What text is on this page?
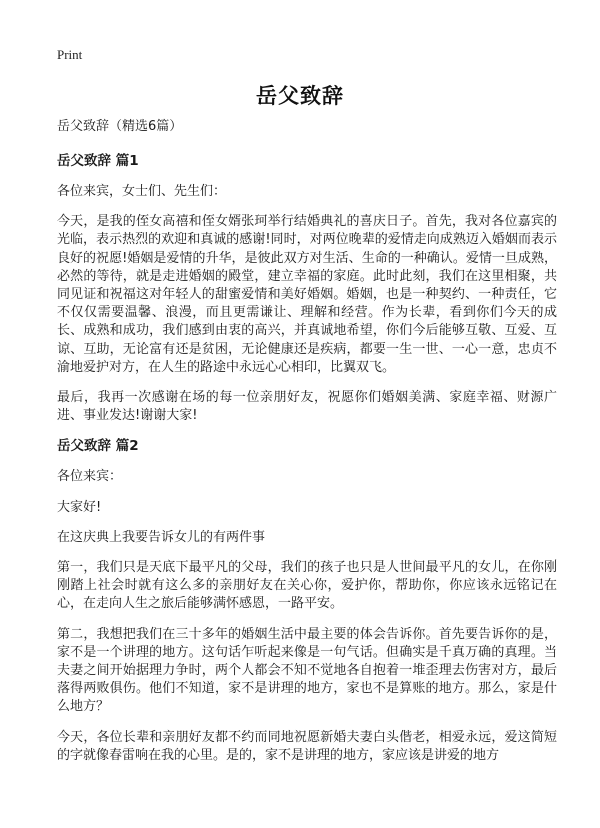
Print
岳父致辞

岳父致辞（精选6篇）

岳父致辞 篇1

各位来宾，女士们、先生们：

今天，是我的侄女高禧和侄女婿张珂举行结婚典礼的喜庆日子。首先，我对各位嘉宾的光临，表示热烈的欢迎和真诚的感谢!同时，对两位晚辈的爱情走向成熟迈入婚姻而表示良好的祝愿!婚姻是爱情的升华，是彼此双方对生活、生命的一种确认。爱情一旦成熟，必然的等待，就是走进婚姻的殿堂，建立幸福的家庭。此时此刻，我们在这里相聚，共同见证和祝福这对年轻人的甜蜜爱情和美好婚姻。婚姻，也是一种契约、一种责任，它不仅仅需要温馨、浪漫，而且更需谦让、理解和经营。作为长辈，看到你们今天的成长、成熟和成功，我们感到由衷的高兴，并真诚地希望，你们今后能够互敬、互爱、互谅、互助，无论富有还是贫困，无论健康还是疾病，都要一生一世、一心一意，忠贞不渝地爱护对方，在人生的路途中永远心心相印，比翼双飞。

最后，我再一次感谢在场的每一位亲朋好友，祝愿你们婚姻美满、家庭幸福、财源广进、事业发达!谢谢大家!

岳父致辞 篇2

各位来宾：

大家好!

在这庆典上我要告诉女儿的有两件事

第一，我们只是天底下最平凡的父母，我们的孩子也只是人世间最平凡的女儿，在你刚刚踏上社会时就有这么多的亲朋好友在关心你，爱护你，帮助你，你应该永远铭记在心，在走向人生之旅后能够满怀感恩，一路平安。

第二，我想把我们在三十多年的婚姻生活中最主要的体会告诉你。首先要告诉你的是，家不是一个讲理的地方。这句话乍听起来像是一句气话。但确实是千真万确的真理。当夫妻之间开始据理力争时，两个人都会不知不觉地各自抱着一堆歪理去伤害对方，最后落得两败俱伤。他们不知道，家不是讲理的地方，家也不是算账的地方。那么，家是什么地方？

今天，各位长辈和亲朋好友都不约而同地祝愿新婚夫妻白头偕老，相爱永远，爱这简短的字就像春雷响在我的心里。是的，家不是讲理的地方，家应该是讲爱的地方
